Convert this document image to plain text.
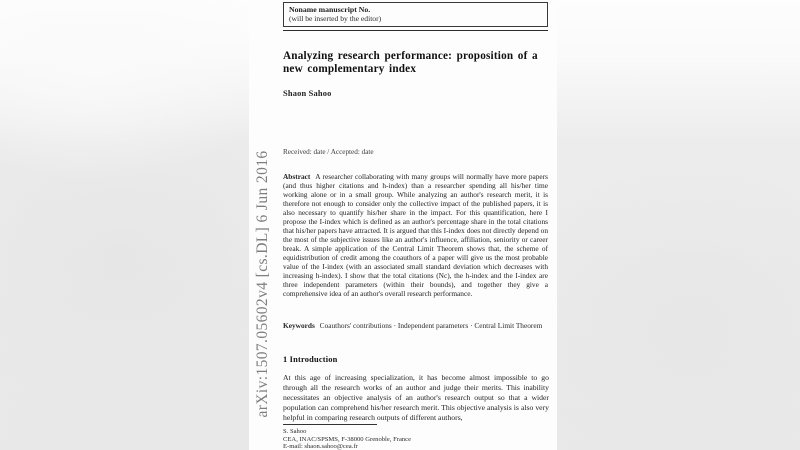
arXiv:1507.05602v4 [cs.DL] 6 Jun 2016
Noname manuscript No.
(will be inserted by the editor)
Analyzing research performance: proposition of a new complementary index
Shaon Sahoo
Received: date / Accepted: date

Abstract A researcher collaborating with many groups will normally have more papers (and thus higher citations and h-index) than a researcher spending all his/her time working alone or in a small group. While analyzing an author's research merit, it is therefore not enough to consider only the collective impact of the published papers, it is also necessary to quantify his/her share in the impact. For this quantification, here I propose the I-index which is defined as an author's percentage share in the total citations that his/her papers have attracted. It is argued that this I-index does not directly depend on the most of the subjective issues like an author's influence, affiliation, seniority or career break. A simple application of the Central Limit Theorem shows that, the scheme of equidistribution of credit among the coauthors of a paper will give us the most probable value of the I-index (with an associated small standard deviation which decreases with increasing h-index). I show that the total citations (Nc), the h-index and the I-index are three independent parameters (within their bounds), and together they give a comprehensive idea of an author's overall research performance.

Keywords Coauthors' contributions · Independent parameters · Central Limit Theorem

1 Introduction

At this age of increasing specialization, it has become almost impossible to go through all the research works of an author and judge their merits. This inability necessitates an objective analysis of an author's research output so that a wider population can comprehend his/her research merit. This objective analysis is also very helpful in comparing research outputs of different authors,

S. Sahoo
CEA, INAC/SPSMS, F-38000 Grenoble, France
E-mail: shaon.sahoo@cea.fr
